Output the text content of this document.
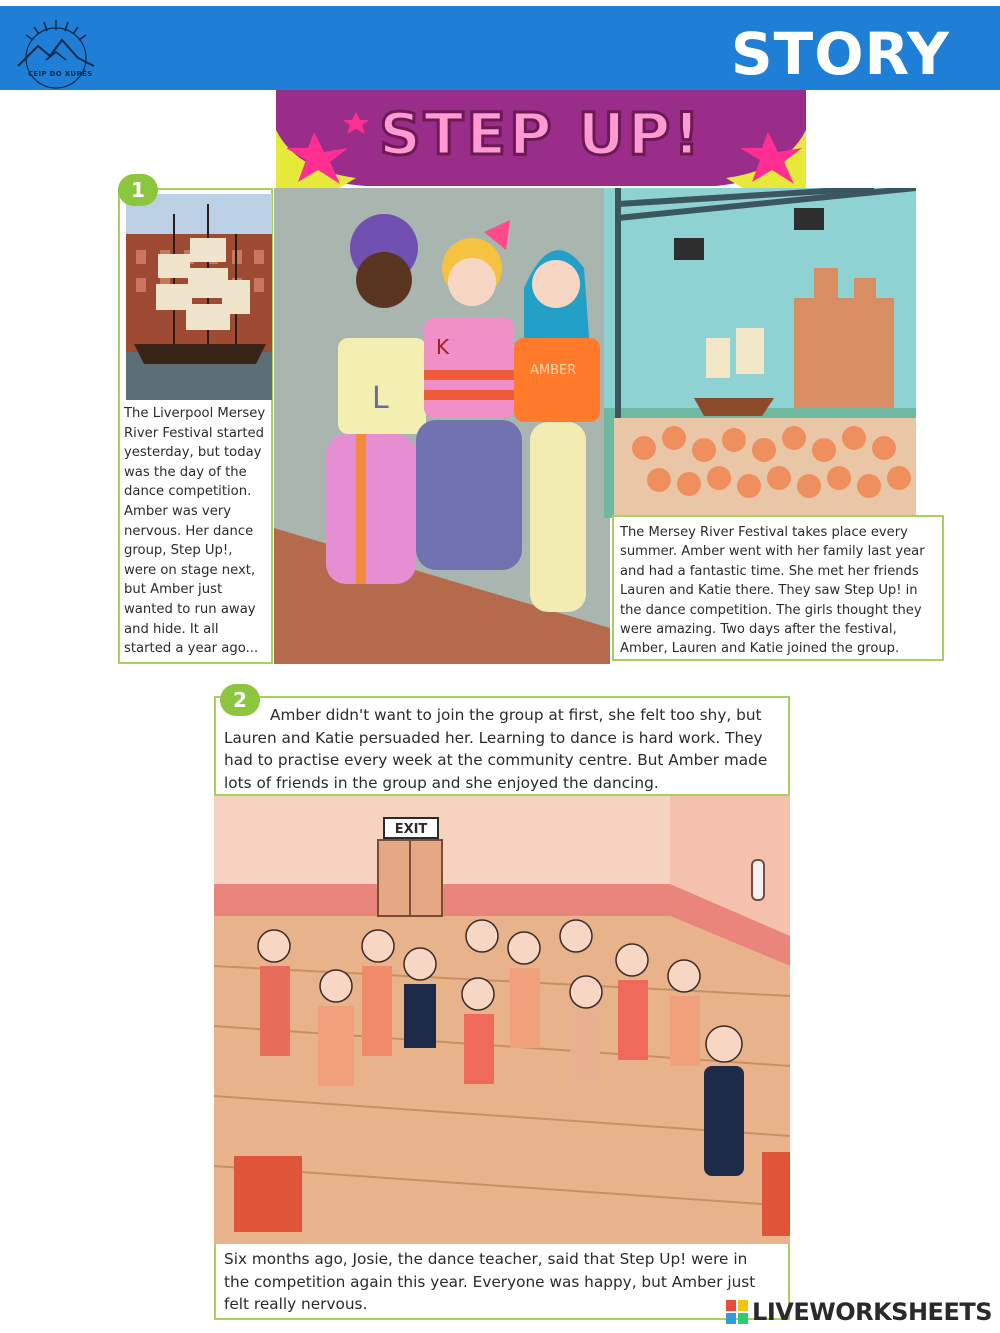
CEIP DO XURÉS	STORY
STEP UP!
1
The Liverpool Mersey
River Festival started
yesterday, but today
was the day of the
dance competition.
Amber was very
nervous. Her dance
group, Step Up!,
were on stage next,
but Amber just
wanted to run away
and hide. It all
started a year ago...
L
K
AMBER
The Mersey River Festival takes place every
summer. Amber went with her family last year
and had a fantastic time. She met her friends
Lauren and Katie there. They saw Step Up! in
the dance competition. The girls thought they
were amazing. Two days after the festival,
Amber, Lauren and Katie joined the group.
Amber didn't want to join the group at first, she felt too shy, but
Lauren and Katie persuaded her. Learning to dance is hard work. They
had to practise every week at the community centre. But Amber made
lots of friends in the group and she enjoyed the dancing.
2
EXIT
Six months ago, Josie, the dance teacher, said that Step Up! were in
the competition again this year. Everyone was happy, but Amber just
felt really nervous.	LIVEWORKSHEETS
